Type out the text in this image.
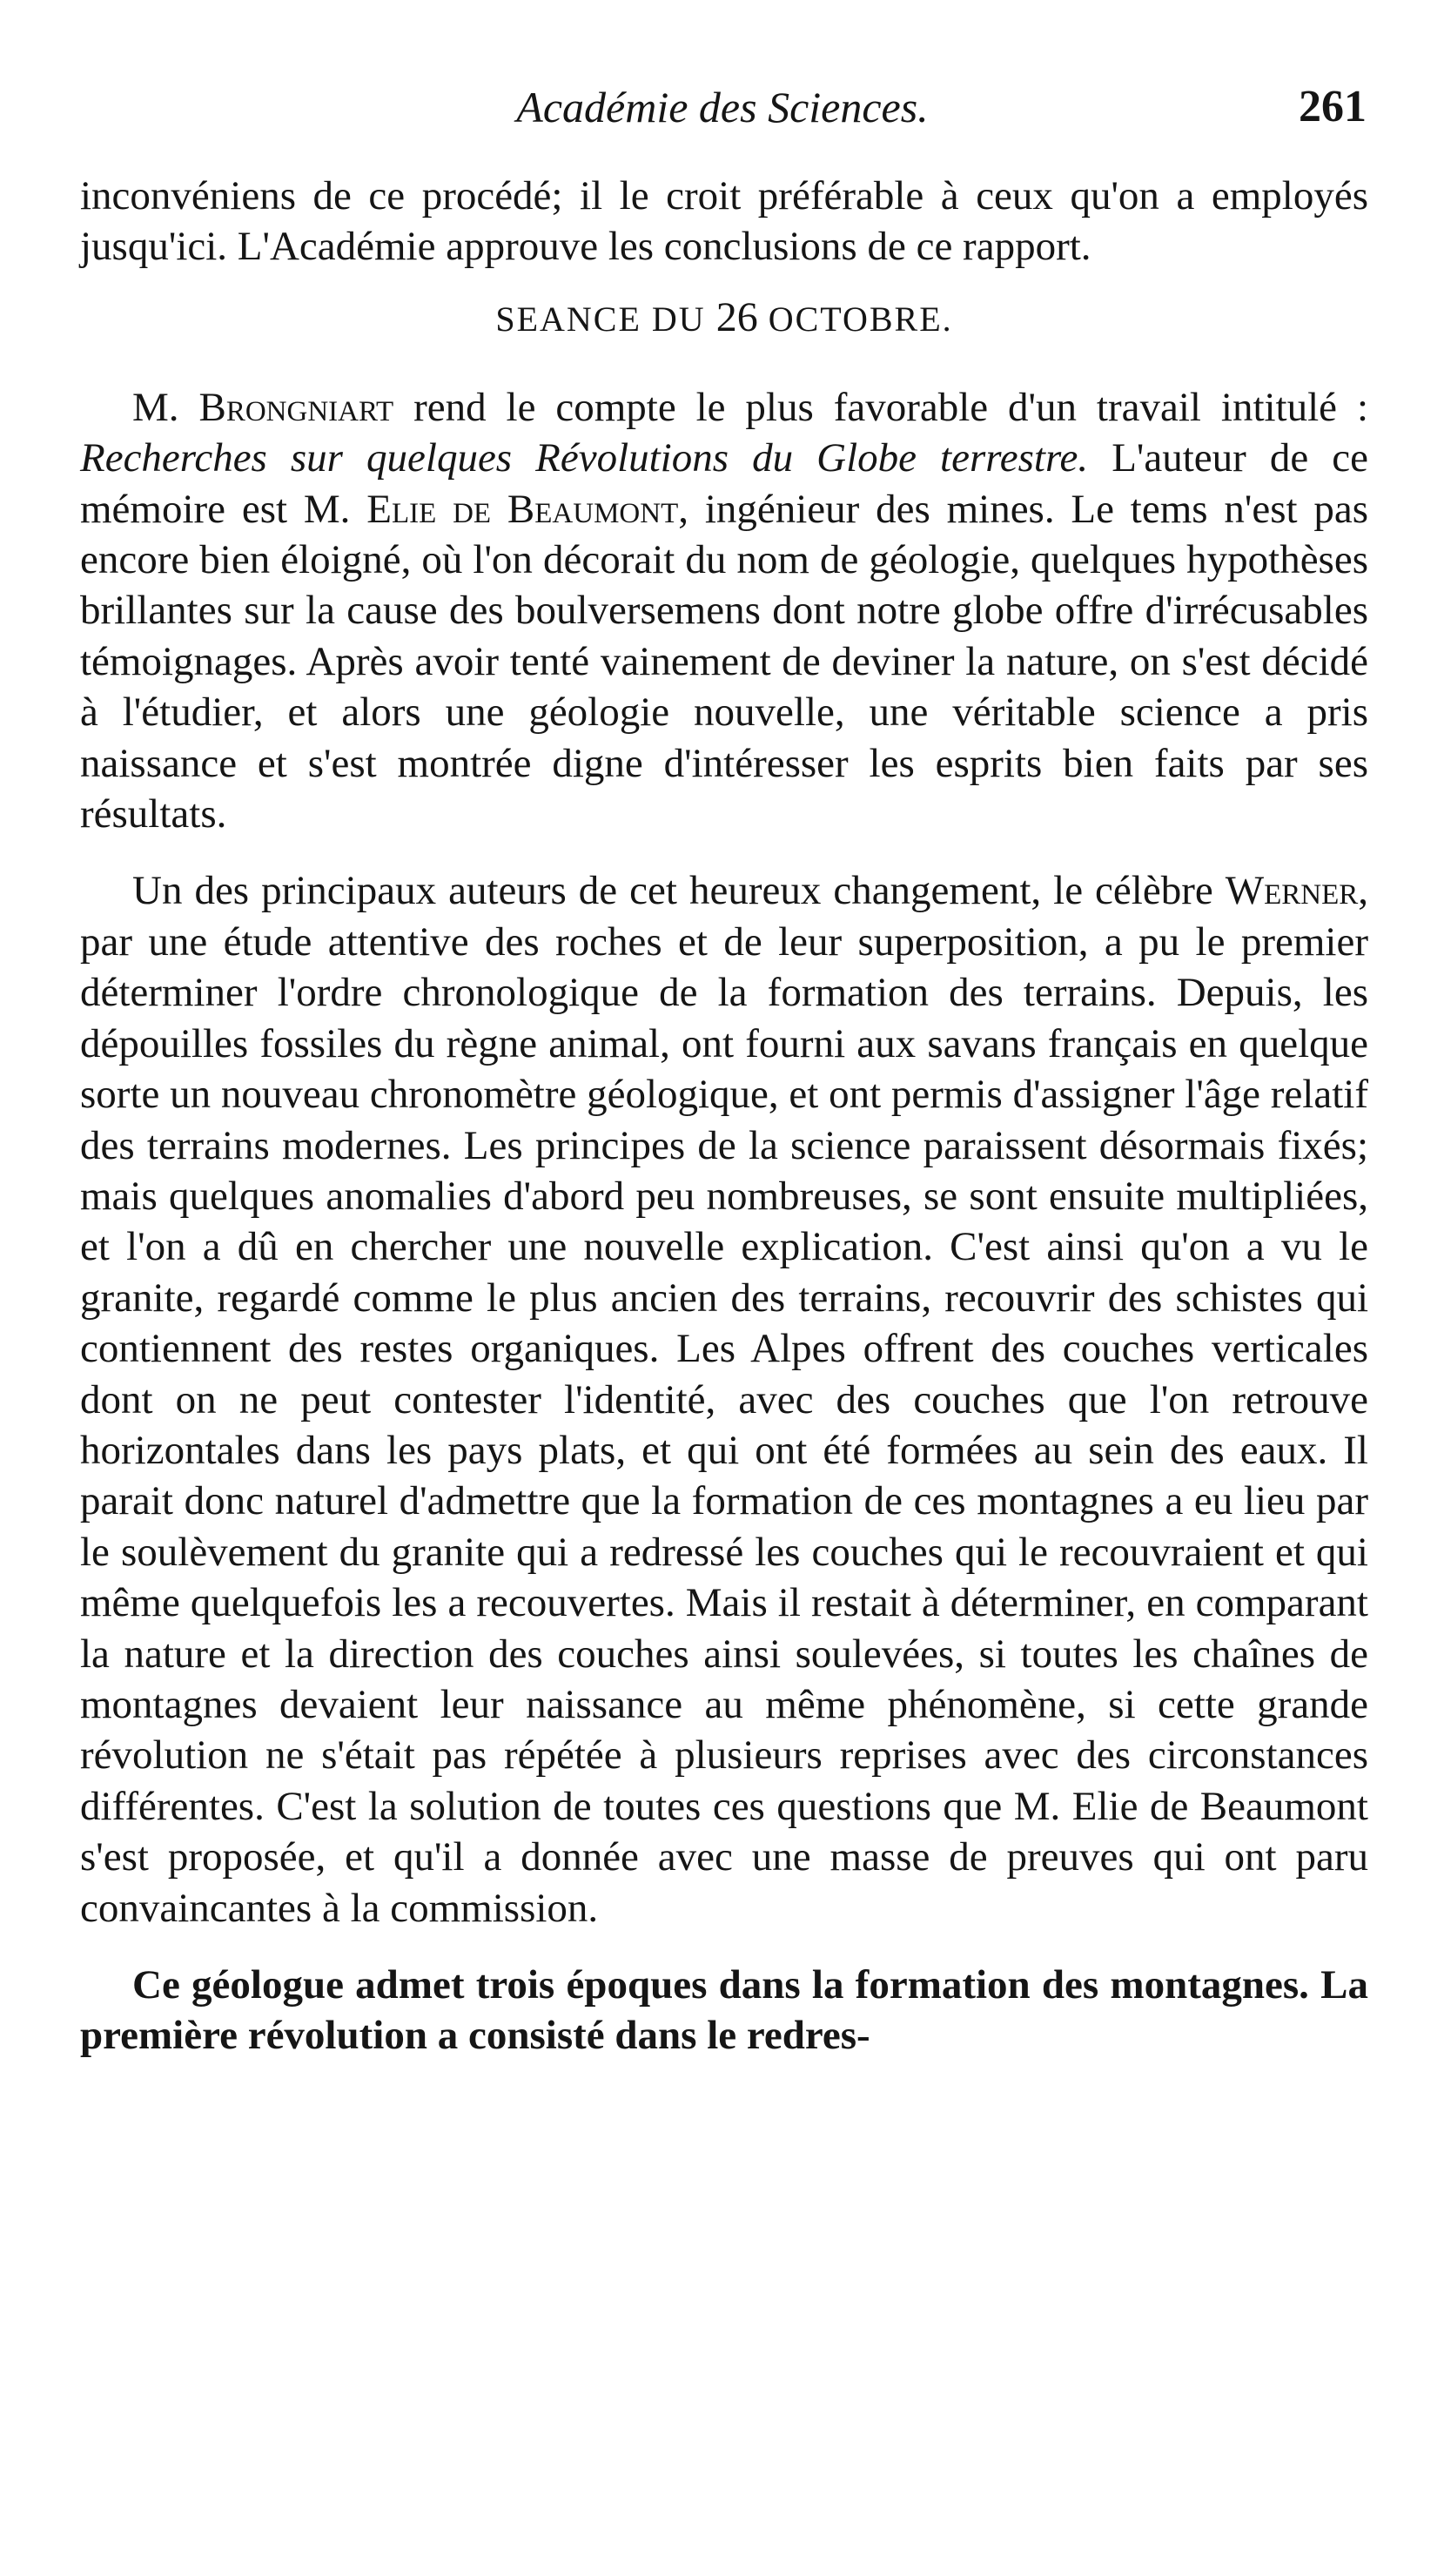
Académie des Sciences.	261

inconvéniens de ce procédé; il le croit préférable à ceux qu'on a employés jusqu'ici. L'Académie approuve les conclusions de ce rapport.

SEANCE DU 26 OCTOBRE.

M. Brongniart rend le compte le plus favorable d'un travail intitulé : Recherches sur quelques Révolutions du Globe terrestre. L'auteur de ce mémoire est M. Elie de Beaumont, ingénieur des mines. Le tems n'est pas encore bien éloigné, où l'on décorait du nom de géologie, quelques hypothèses brillantes sur la cause des boulversemens dont notre globe offre d'irrécusables témoignages. Après avoir tenté vainement de deviner la nature, on s'est décidé à l'étudier, et alors une géologie nouvelle, une véritable science a pris naissance et s'est montrée digne d'intéresser les esprits bien faits par ses résultats.

Un des principaux auteurs de cet heureux changement, le célèbre Werner, par une étude attentive des roches et de leur superposition, a pu le premier déterminer l'ordre chronologique de la formation des terrains. Depuis, les dépouilles fossiles du règne animal, ont fourni aux savans français en quelque sorte un nouveau chronomètre géologique, et ont permis d'assigner l'âge relatif des terrains modernes. Les principes de la science paraissent désormais fixés; mais quelques anomalies d'abord peu nombreuses, se sont ensuite multipliées, et l'on a dû en chercher une nouvelle explication. C'est ainsi qu'on a vu le granite, regardé comme le plus ancien des terrains, recouvrir des schistes qui contiennent des restes organiques. Les Alpes offrent des couches verticales dont on ne peut contester l'identité, avec des couches que l'on retrouve horizontales dans les pays plats, et qui ont été formées au sein des eaux. Il parait donc naturel d'admettre que la formation de ces montagnes a eu lieu par le soulèvement du granite qui a redressé les couches qui le recouvraient et qui même quelquefois les a recouvertes. Mais il restait à déterminer, en comparant la nature et la direction des couches ainsi soulevées, si toutes les chaînes de montagnes devaient leur naissance au même phénomène, si cette grande révolution ne s'était pas répétée à plusieurs reprises avec des circonstances différentes. C'est la solution de toutes ces questions que M. Elie de Beaumont s'est proposée, et qu'il a donnée avec une masse de preuves qui ont paru convaincantes à la commission.

Ce géologue admet trois époques dans la formation des montagnes. La première révolution a consisté dans le redres-
